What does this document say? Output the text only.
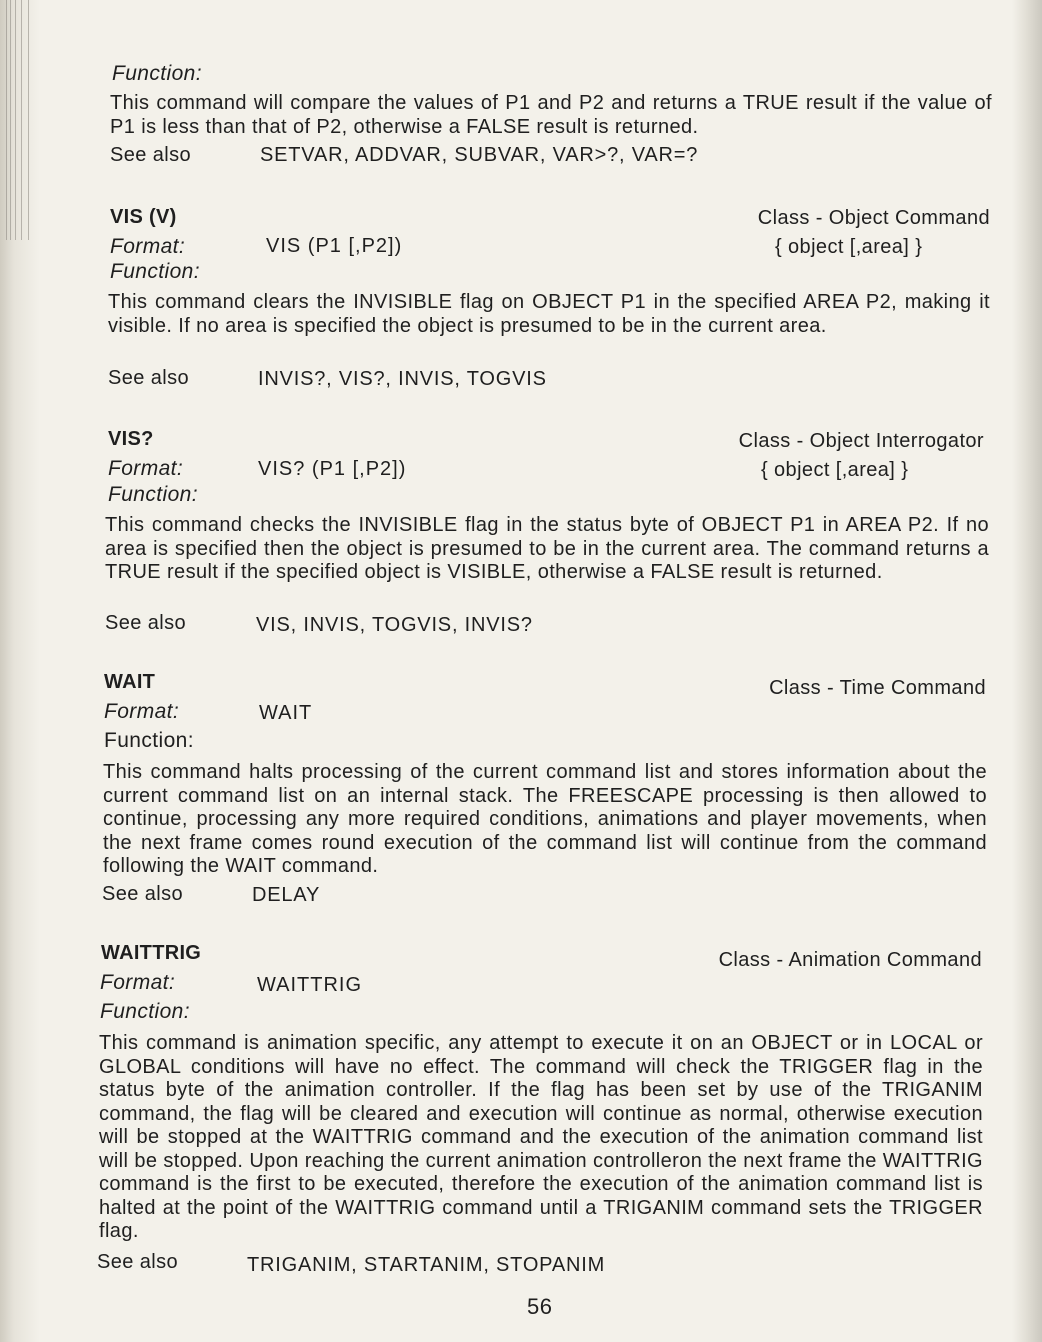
Function:

This command will compare the values of P1 and P2 and returns a TRUE result if the value of P1 is less than that of P2, otherwise a FALSE result is returned.

See also	SETVAR, ADDVAR, SUBVAR, VAR>?, VAR=?

VIS (V)	Class - Object Command

Format:	VIS (P1 [,P2])	{ object [,area] }

Function:

This command clears the INVISIBLE flag on OBJECT P1 in the specified AREA P2, making it visible. If no area is specified the object is presumed to be in the current area.

See also	INVIS?, VIS?, INVIS, TOGVIS

VIS?	Class - Object Interrogator

Format:	VIS? (P1 [,P2])	{ object [,area] }

Function:

This command checks the INVISIBLE flag in the status byte of OBJECT P1 in AREA P2. If no area is specified then the object is presumed to be in the current area. The command returns a TRUE result if the specified object is VISIBLE, otherwise a FALSE result is returned.

See also	VIS, INVIS, TOGVIS, INVIS?

WAIT	Class - Time Command

Format:	WAIT

Function:

This command halts processing of the current command list and stores information about the current command list on an internal stack. The FREESCAPE processing is then allowed to continue, processing any more required conditions, animations and player movements, when the next frame comes round execution of the command list will continue from the command following the WAIT command.

See also	DELAY

WAITTRIG	Class - Animation Command

Format:	WAITTRIG

Function:

This command is animation specific, any attempt to execute it on an OBJECT or in LOCAL or GLOBAL conditions will have no effect. The command will check the TRIGGER flag in the status byte of the animation controller. If the flag has been set by use of the TRIGANIM command, the flag will be cleared and execution will continue as normal, otherwise execution will be stopped at the WAITTRIG command and the execution of the animation command list will be stopped. Upon reaching the current animation controlleron the next frame the WAITTRIG command is the first to be executed, therefore the execution of the animation command list is halted at the point of the WAITTRIG command until a TRIGANIM command sets the TRIGGER flag.

See also	TRIGANIM, STARTANIM, STOPANIM

56
